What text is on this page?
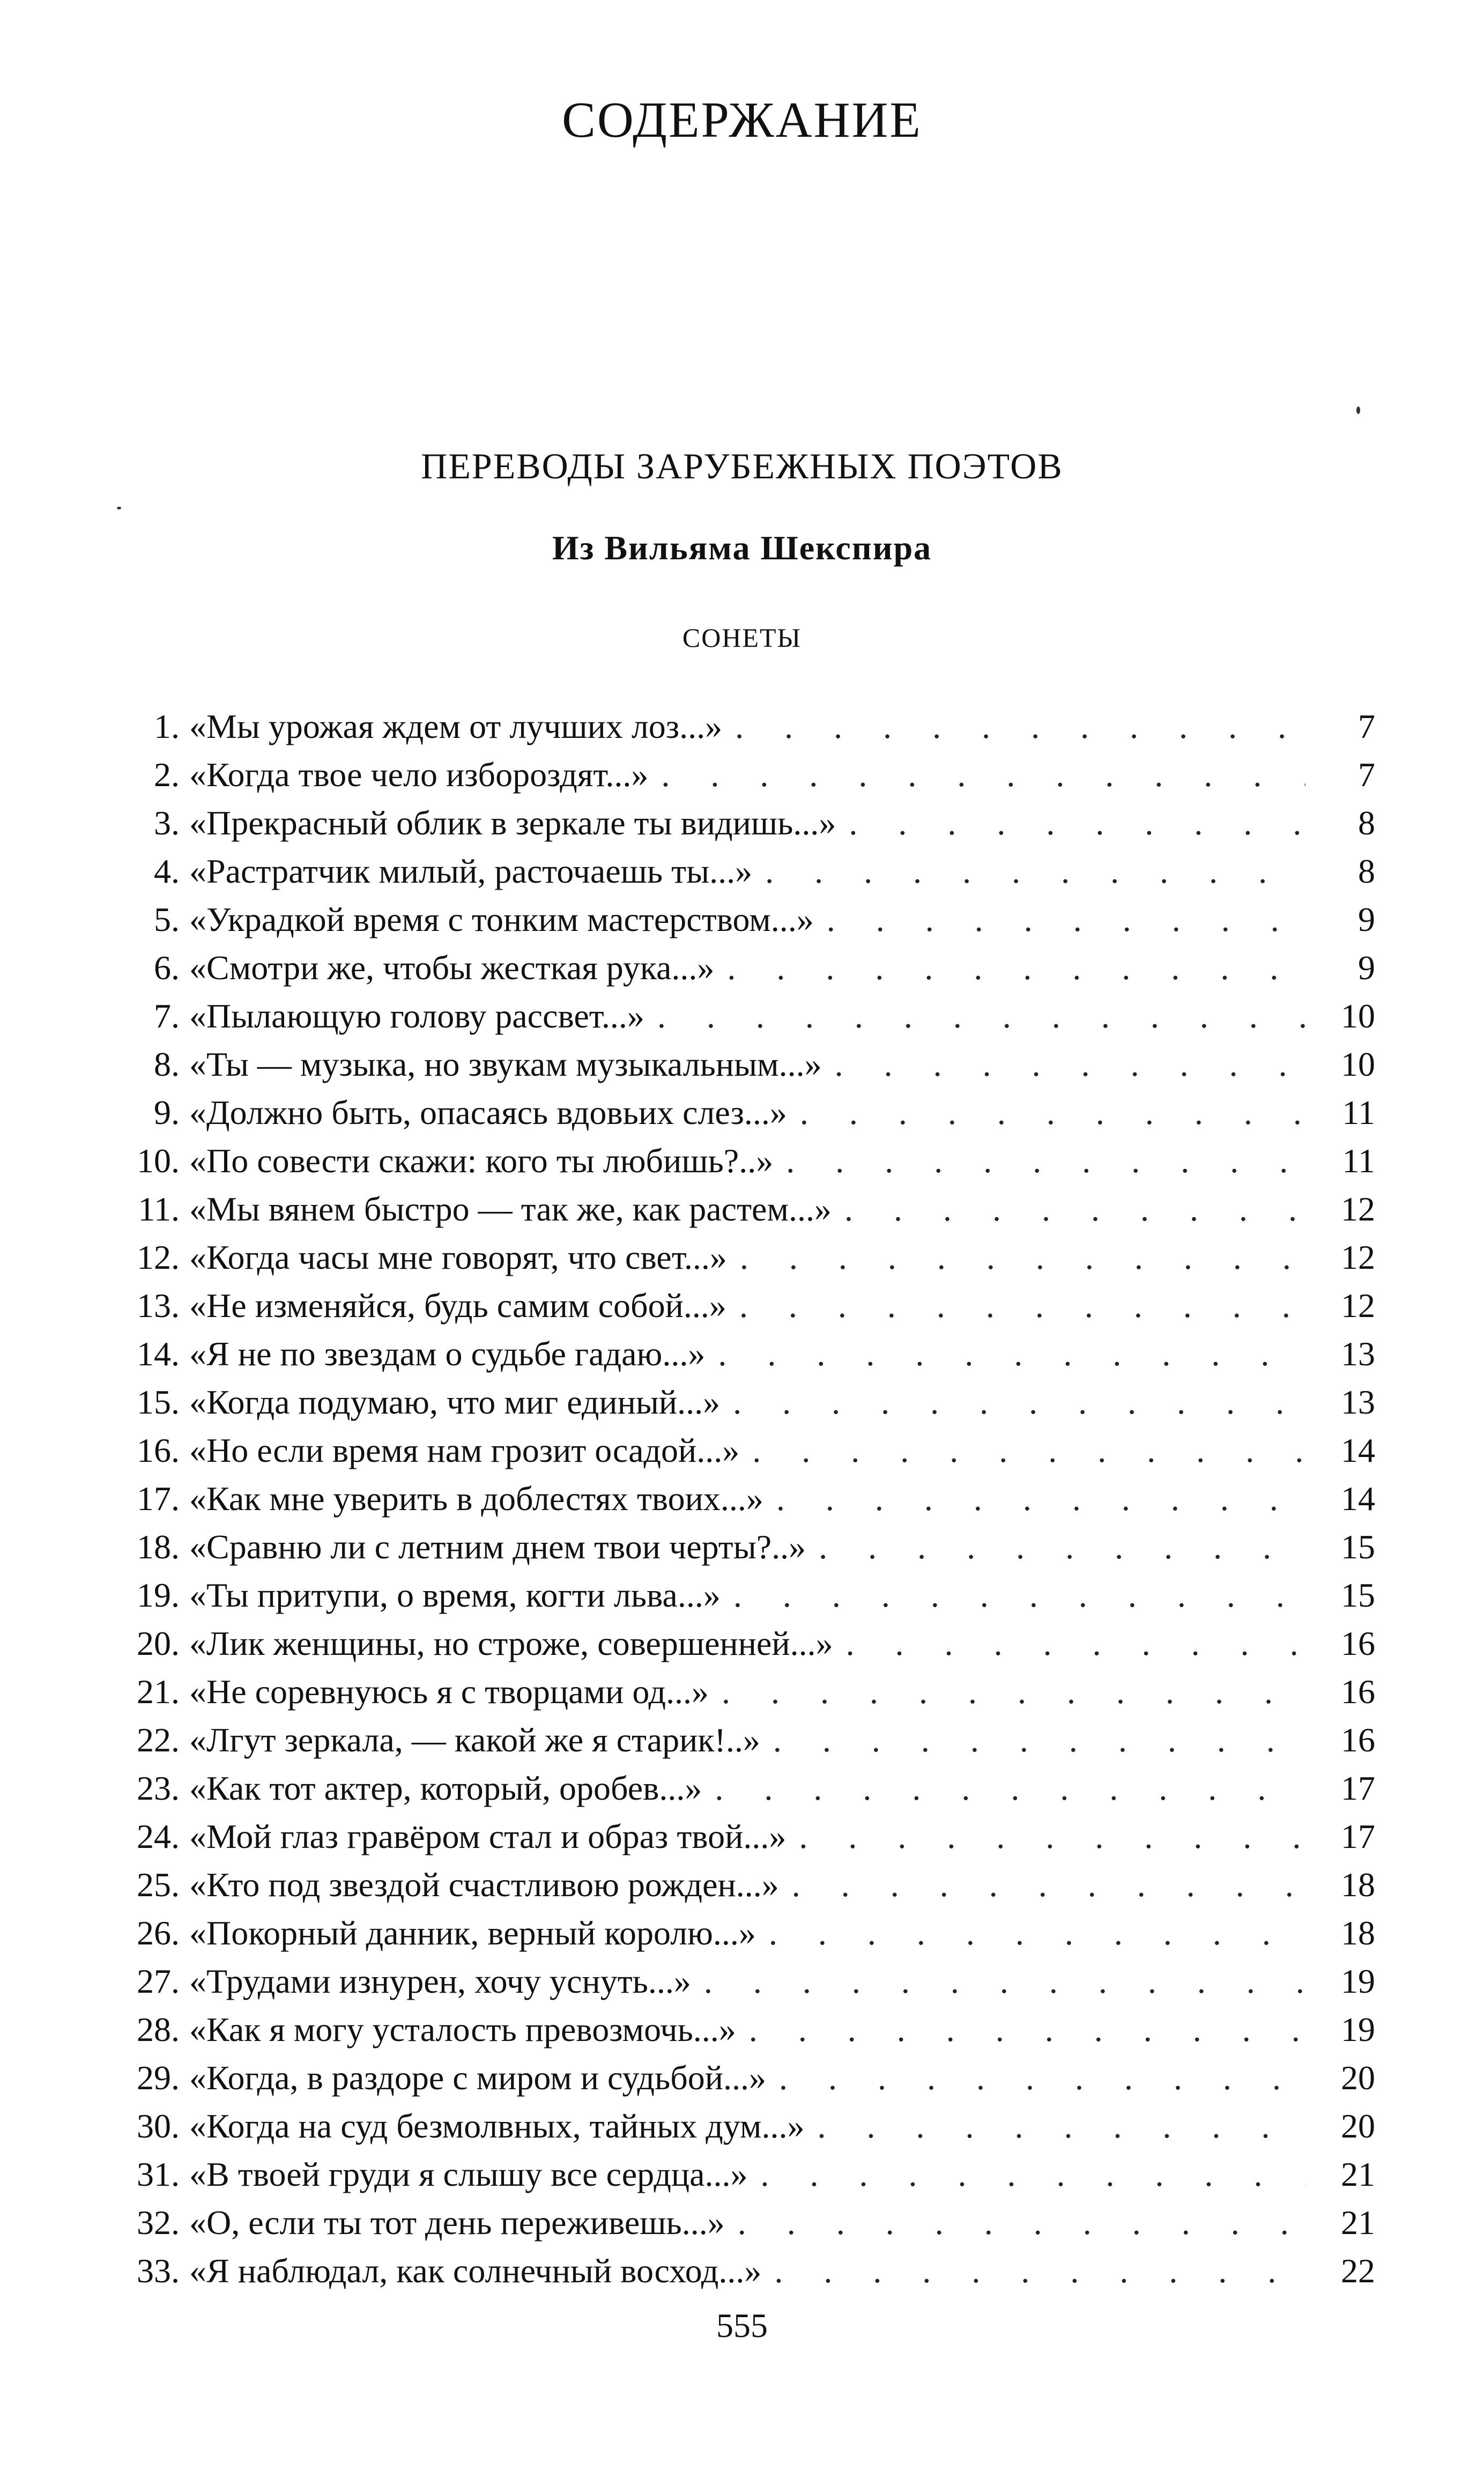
СОДЕРЖАНИЕ
ПЕРЕВОДЫ ЗАРУБЕЖНЫХ ПОЭТОВ
Из Вильяма Шекспира
СОНЕТЫ
1. «Мы урожая ждем от лучших лоз...» . . .	7
2. «Когда твое чело избороздят...» . . .	7
3. «Прекрасный облик в зеркале ты видишь...» . . .	8
4. «Растратчик милый, расточаешь ты...» . . .	8
5. «Украдкой время с тонким мастерством...» . . .	9
6. «Смотри же, чтобы жесткая рука...» . . .	9
7. «Пылающую голову рассвет...» . . .	10
8. «Ты — музыка, но звукам музыкальным...» . . .	10
9. «Должно быть, опасаясь вдовьих слез...» . . .	11
10. «По совести скажи: кого ты любишь?..» . . .	11
11. «Мы вянем быстро — так же, как растем...» . . .	12
12. «Когда часы мне говорят, что свет...» . . .	12
13. «Не изменяйся, будь самим собой...» . . .	12
14. «Я не по звездам о судьбе гадаю...» . . .	13
15. «Когда подумаю, что миг единый...» . . .	13
16. «Но если время нам грозит осадой...» . . .	14
17. «Как мне уверить в доблестях твоих...» . . .	14
18. «Сравню ли с летним днем твои черты?..» . . .	15
19. «Ты притупи, о время, когти льва...» . . .	15
20. «Лик женщины, но строже, совершенней...» . . .	16
21. «Не соревнуюсь я с творцами од...» . . .	16
22. «Лгут зеркала, — какой же я старик!..» . . .	16
23. «Как тот актер, который, оробев...» . . .	17
24. «Мой глаз гравёром стал и образ твой...» . . .	17
25. «Кто под звездой счастливою рожден...» . . .	18
26. «Покорный данник, верный королю...» . . .	18
27. «Трудами изнурен, хочу уснуть...» . . .	19
28. «Как я могу усталость превозмочь...» . . .	19
29. «Когда, в раздоре с миром и судьбой...» . . .	20
30. «Когда на суд безмолвных, тайных дум...» . . .	20
31. «В твоей груди я слышу все сердца...» . . .	21
32. «О, если ты тот день переживешь...» . . .	21
33. «Я наблюдал, как солнечный восход...» . . .	22
555
